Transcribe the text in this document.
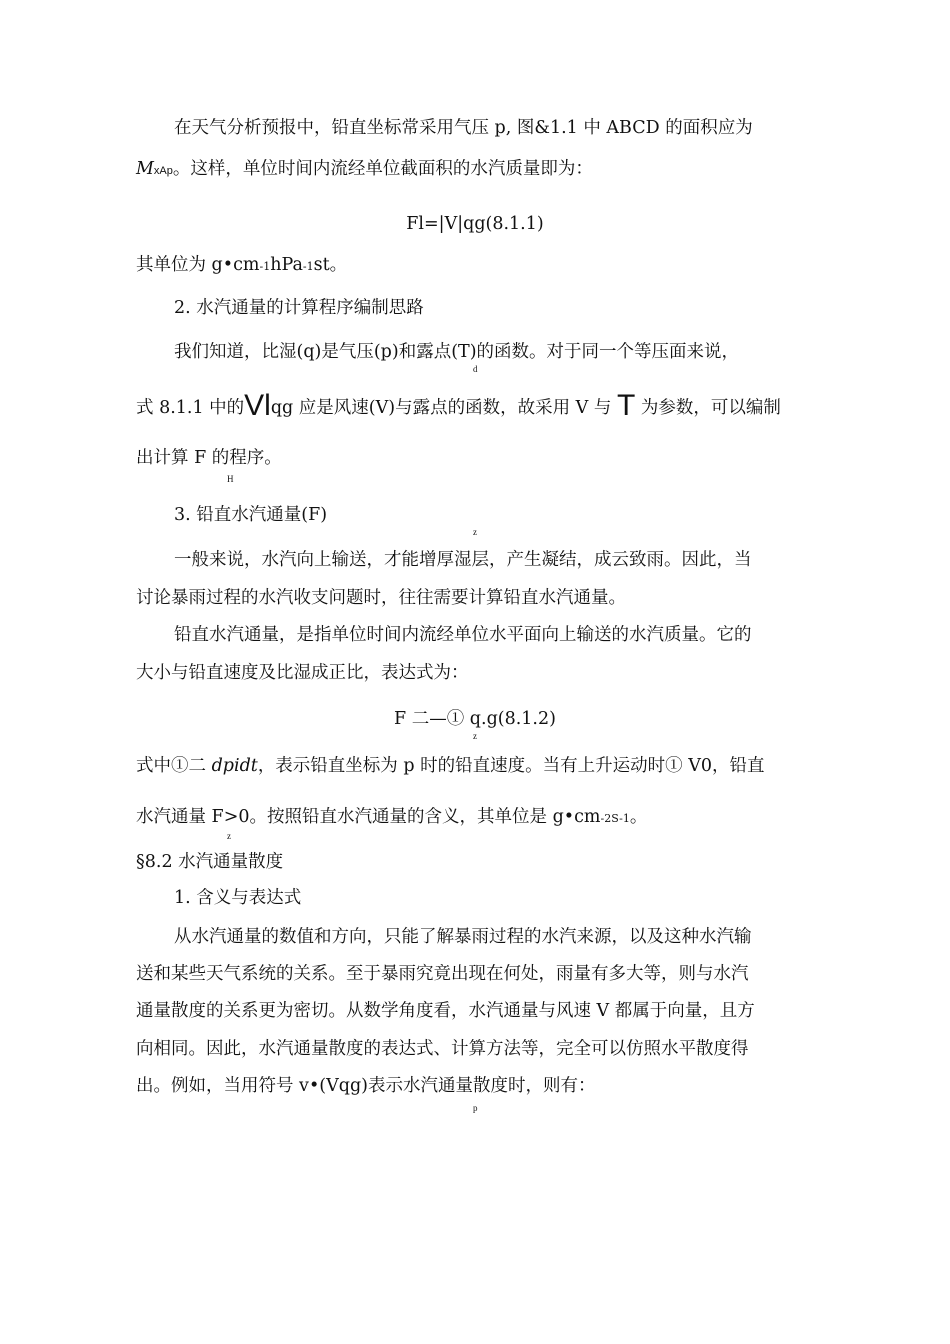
在天气分析预报中，铅直坐标常采用气压 p, 图&1.1 中 ABCD 的面积应为
MxAp。这样，单位时间内流经单位截面积的水汽质量即为：
Fl=|V|qg(8.1.1)
其单位为 g•cm-1hPa-1st。
2. 水汽通量的计算程序编制思路
我们知道，比湿(q)是气压(p)和露点(T)的函数。对于同一个等压面来说，
d
式 8.1.1 中的Vlqg 应是风速(V)与露点的函数，故采用 V 与 T 为参数，可以编制
出计算 F 的程序。
H
3. 铅直水汽通量(F)
z
一般来说，水汽向上输送，才能增厚湿层，产生凝结，成云致雨。因此，当
讨论暴雨过程的水汽收支问题时，往往需要计算铅直水汽通量。
铅直水汽通量，是指单位时间内流经单位水平面向上输送的水汽质量。它的
大小与铅直速度及比湿成正比，表达式为：
F 二—① q.g(8.1.2)
z
式中①二 dpidt，表示铅直坐标为 p 时的铅直速度。当有上升运动时① V0，铅直
水汽通量 F>0。按照铅直水汽通量的含义，其单位是 g•cm-2S-1。
z
§8.2 水汽通量散度
1. 含义与表达式
从水汽通量的数值和方向，只能了解暴雨过程的水汽来源，以及这种水汽输
送和某些天气系统的关系。至于暴雨究竟出现在何处，雨量有多大等，则与水汽
通量散度的关系更为密切。从数学角度看，水汽通量与风速 V 都属于向量，且方
向相同。因此，水汽通量散度的表达式、计算方法等，完全可以仿照水平散度得
出。例如，当用符号 v•(Vqg)表示水汽通量散度时，则有：
p
